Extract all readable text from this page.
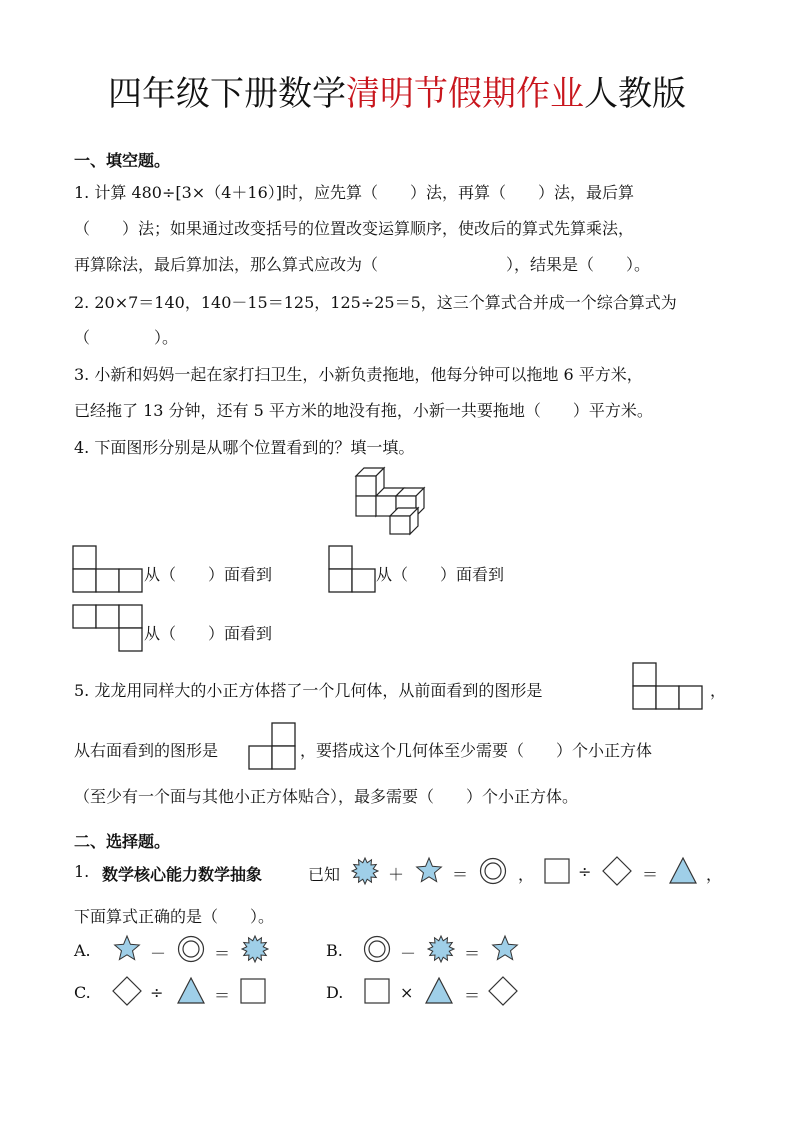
四年级下册数学清明节假期作业人教版
一、填空题。
1. 计算 480÷[3×（4＋16）]时，应先算（　　）法，再算（　　）法，最后算
（　　）法；如果通过改变括号的位置改变运算顺序，使改后的算式先算乘法，
再算除法，最后算加法，那么算式应改为（　　　　　　　　），结果是（　　）。
2. 20×7＝140，140－15＝125，125÷25＝5，这三个算式合并成一个综合算式为
（　　　　）。
3. 小新和妈妈一起在家打扫卫生，小新负责拖地，他每分钟可以拖地 6 平方米，
已经拖了 13 分钟，还有 5 平方米的地没有拖，小新一共要拖地（　　）平方米。
4. 下面图形分别是从哪个位置看到的？填一填。
从（　　）面看到	从（　　）面看到
从（　　）面看到
5. 龙龙用同样大的小正方体搭了一个几何体，从前面看到的图形是	，
从右面看到的图形是	，要搭成这个几何体至少需要（　　）个小正方体
（至少有一个面与其他小正方体贴合），最多需要（　　）个小正方体。
二、选择题。
1. 数学核心能力数学抽象	已知	＋	＝	，	÷	＝	，
下面算式正确的是（　　）。
A.	－	＝	B.	－	＝
C.	÷	＝	D.	×	＝
